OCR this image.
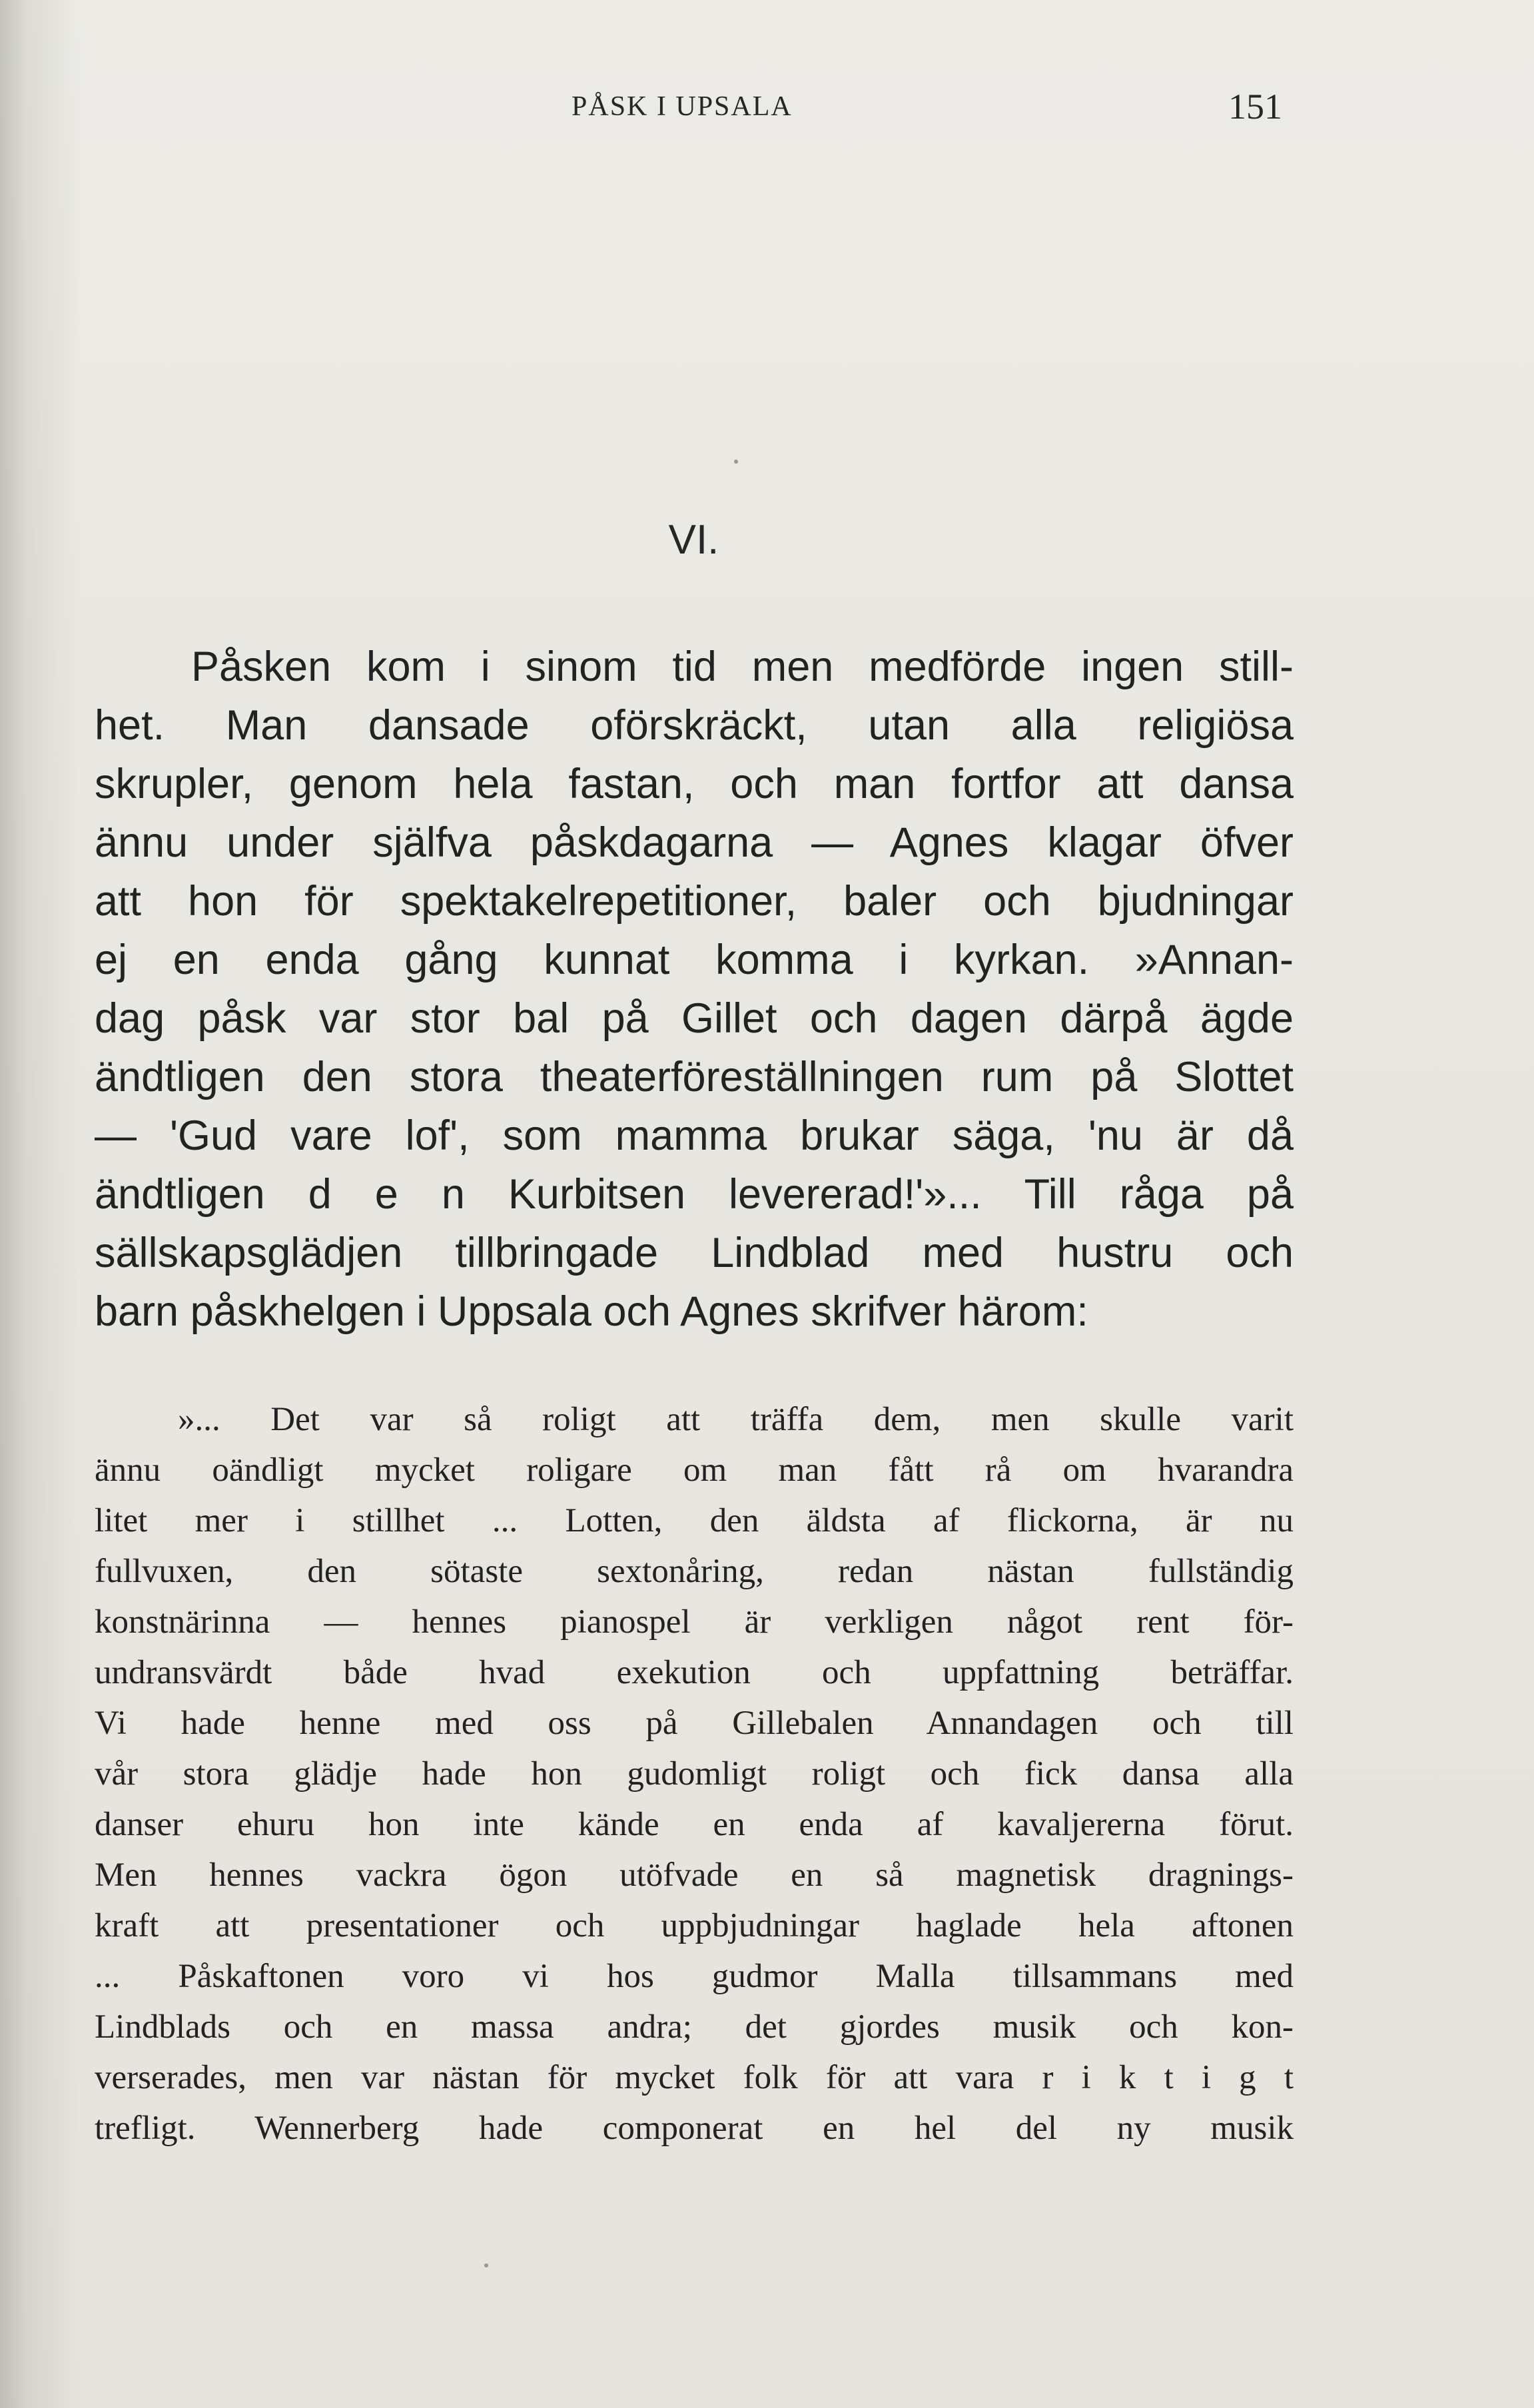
PÅSK I UPSALA	151
VI.
Påsken kom i sinom tid men medförde ingen still-
het. Man dansade oförskräckt, utan alla religiösa
skrupler, genom hela fastan, och man fortfor att dansa
ännu under själfva påskdagarna — Agnes klagar öfver
att hon för spektakelrepetitioner, baler och bjudningar
ej en enda gång kunnat komma i kyrkan. »Annan-
dag påsk var stor bal på Gillet och dagen därpå ägde
ändtligen den stora theaterföreställningen rum på Slottet
— 'Gud vare lof', som mamma brukar säga, 'nu är då
ändtligen d e n Kurbitsen levererad!'»... Till råga på
sällskapsglädjen tillbringade Lindblad med hustru och
barn påskhelgen i Uppsala och Agnes skrifver härom:
»... Det var så roligt att träffa dem, men skulle varit
ännu oändligt mycket roligare om man fått rå om hvarandra
litet mer i stillhet ... Lotten, den äldsta af flickorna, är nu
fullvuxen, den sötaste sextonåring, redan nästan fullständig
konstnärinna — hennes pianospel är verkligen något rent för-
undransvärdt både hvad exekution och uppfattning beträffar.
Vi hade henne med oss på Gillebalen Annandagen och till
vår stora glädje hade hon gudomligt roligt och fick dansa alla
danser ehuru hon inte kände en enda af kavaljererna förut.
Men hennes vackra ögon utöfvade en så magnetisk dragnings-
kraft att presentationer och uppbjudningar haglade hela aftonen
... Påskaftonen voro vi hos gudmor Malla tillsammans med
Lindblads och en massa andra; det gjordes musik och kon-
verserades, men var nästan för mycket folk för att vara r i k t i g t
trefligt. Wennerberg hade componerat en hel del ny musik
